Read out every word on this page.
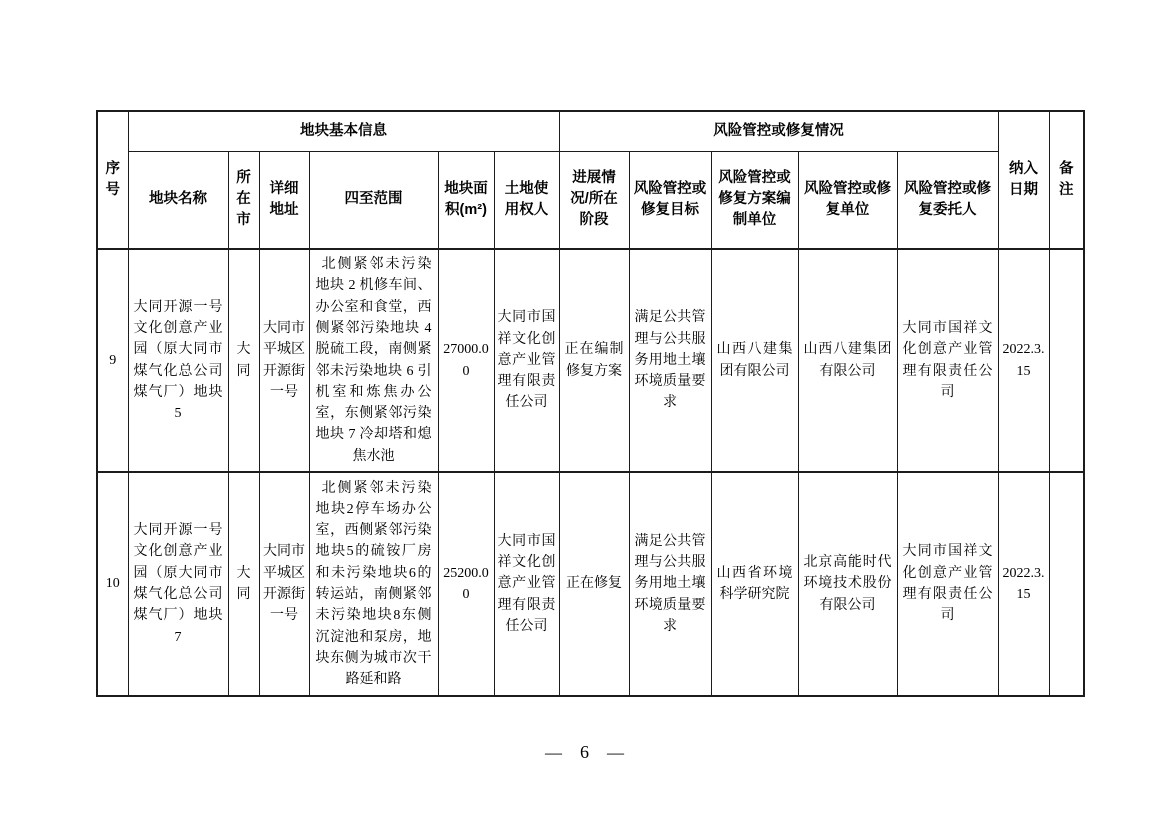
序号	地块基本信息						风险管控或修复情况					纳入日期	备注
	地块名称	所在市	详细地址	四至范围	地块面积(m²)	土地使用权人	进展情况/所在阶段	风险管控或修复目标	风险管控或修复方案编制单位	风险管控或修复单位	风险管控或修复委托人		
9	大同开源一号文化创意产业园（原大同市煤气化总公司煤气厂）地块 5	大同	大同市平城区开源街一号	北侧紧邻未污染地块 2 机修车间、办公室和食堂，西侧紧邻污染地块 4 脱硫工段，南侧紧邻未污染地块 6 引机室和炼焦办公室，东侧紧邻污染地块 7 冷却塔和熄焦水池	27000.00	大同市国祥文化创意产业管理有限责任公司	正在编制修复方案	满足公共管理与公共服务用地土壤环境质量要求	山西八建集团有限公司	山西八建集团有限公司	大同市国祥文化创意产业管理有限责任公司	2022.3.15	
10	大同开源一号文化创意产业园（原大同市煤气化总公司煤气厂）地块 7	大同	大同市平城区开源街一号	北侧紧邻未污染地块2停车场办公室，西侧紧邻污染地块5的硫铵厂房和未污染地块6的转运站，南侧紧邻未污染地块8东侧沉淀池和泵房，地块东侧为城市次干路延和路	25200.00	大同市国祥文化创意产业管理有限责任公司	正在修复	满足公共管理与公共服务用地土壤环境质量要求	山西省环境科学研究院	北京高能时代环境技术股份有限公司	大同市国祥文化创意产业管理有限责任公司	2022.3.15	
— 6 —
